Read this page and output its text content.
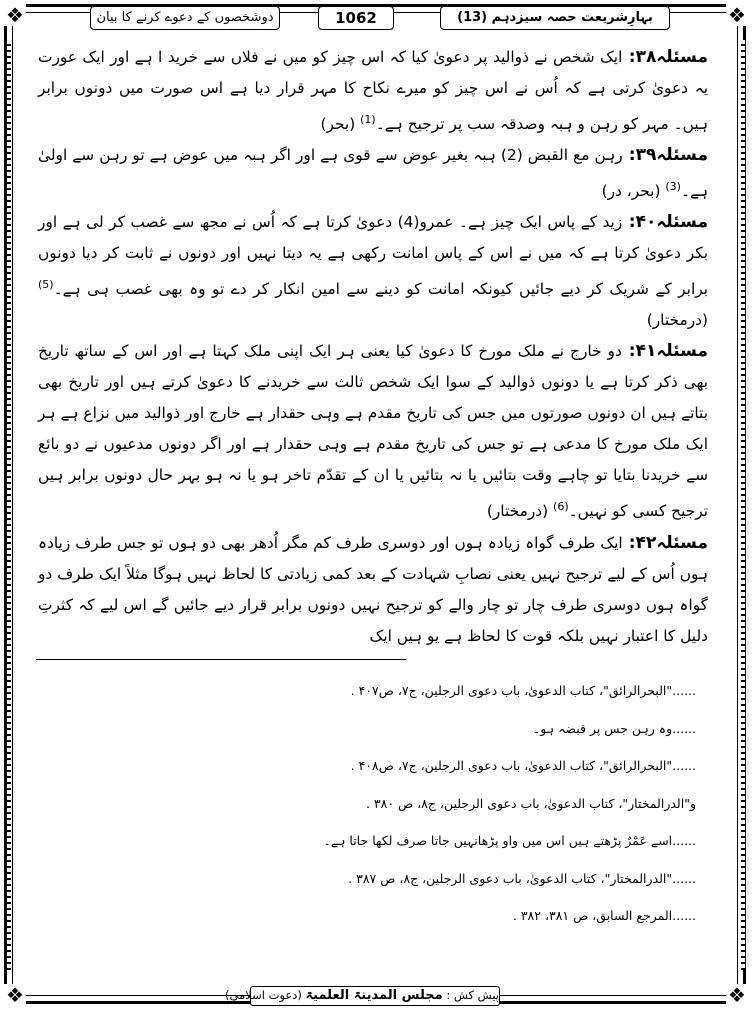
❖	❖
❖	❖
دوشخصوں کے دعوے کرنے کا بیان	1062	بہارِشریعت حصہ سیزدہم (13)

مسئلہ۳۸: ایک شخص نے ذوالید پر دعویٰ کیا کہ اس چیز کو میں نے فلاں سے خرید ا ہے اور ایک عورت یہ دعویٰ کرتی ہے کہ اُس نے اس چیز کو میرے نکاح کا مہر قرار دیا ہے اس صورت میں دونوں برابر ہیں۔ مہر کو رہن و ہبہ وصدقہ سب پر ترجیح ہے۔$^{(1)}$ (بحر)

مسئلہ۳۹: رہن مع القبض (2) ہبہ بغیر عوض سے قوی ہے اور اگر ہبہ میں عوض ہے تو رہن سے اولیٰ ہے۔$^{(3)}$ (بحر، در)

مسئلہ۴۰: زید کے پاس ایک چیز ہے۔ عمرو(4) دعویٰ کرتا ہے کہ اُس نے مجھ سے غصب کر لی ہے اور بکر دعویٰ کرتا ہے کہ میں نے اس کے پاس امانت رکھی ہے یہ دیتا نہیں اور دونوں نے ثابت کر دیا دونوں برابر کے شریک کر دیے جائیں کیونکہ امانت کو دینے سے امین انکار کر دے تو وہ بھی غصب ہی ہے۔$^{(5)}$ (درمختار)

مسئلہ۴۱: دو خارج نے ملک مورخ کا دعویٰ کیا یعنی ہر ایک اپنی ملک کہتا ہے اور اس کے ساتھ تاریخ بھی ذکر کرتا ہے یا دونوں ذوالید کے سوا ایک شخص ثالث سے خریدنے کا دعویٰ کرتے ہیں اور تاریخ بھی بتاتے ہیں ان دونوں صورتوں میں جس کی تاریخ مقدم ہے وہی حقدار ہے خارج اور ذوالید میں نزاع ہے ہر ایک ملک مورخ کا مدعی ہے تو جس کی تاریخ مقدم ہے وہی حقدار ہے اور اگر دونوں مدعیوں نے دو بائع سے خریدنا بتایا تو چاہے وقت بتائیں یا نہ بتائیں یا ان کے تقدّم تاخر ہو یا نہ ہو بہر حال دونوں برابر ہیں ترجیح کسی کو نہیں۔$^{(6)}$ (درمختار)

مسئلہ۴۲: ایک طرف گواہ زیادہ ہوں اور دوسری طرف کم مگر اُدھر بھی دو ہوں تو جس طرف زیادہ ہوں اُس کے لیے ترجیح نہیں یعنی نصابِ شہادت کے بعد کمی زیادتی کا لحاظ نہیں ہوگا مثلاً ایک طرف دو گواہ ہوں دوسری طرف چار تو چار والے کو ترجیح نہیں دونوں برابر قرار دیے جائیں گے اس لیے کہ کثرتِ دلیل کا اعتبار نہیں بلکہ قوت کا لحاظ ہے یو ہیں ایک

......"البحرالرائق"، کتاب الدعویٰ، باب دعوی الرجلین، ج۷، ص۴۰۷ .
......وہ رہن جس پر قبضہ ہو۔
......"البحرالرائق"، کتاب الدعویٰ، باب دعوی الرجلین، ج۷، ص۴۰۸ .
و"الدرالمختار"، کتاب الدعویٰ، باب دعوی الرجلین، ج۸، ص ۳۸۰ .
......اسے عَمْرٌ پڑھتے ہیں اس میں واو پڑھانہیں جاتا صرف لکھا جاتا ہے۔
......"الدرالمختار"، کتاب الدعویٰ، باب دعوی الرجلین، ج۸، ص ۳۸۷ .
......المرجع السابق، ص ۳۸۱، ۳۸۲ .
پیش کش : مجلس المدینۃ العلمیۃ (دعوت اسلامی)
